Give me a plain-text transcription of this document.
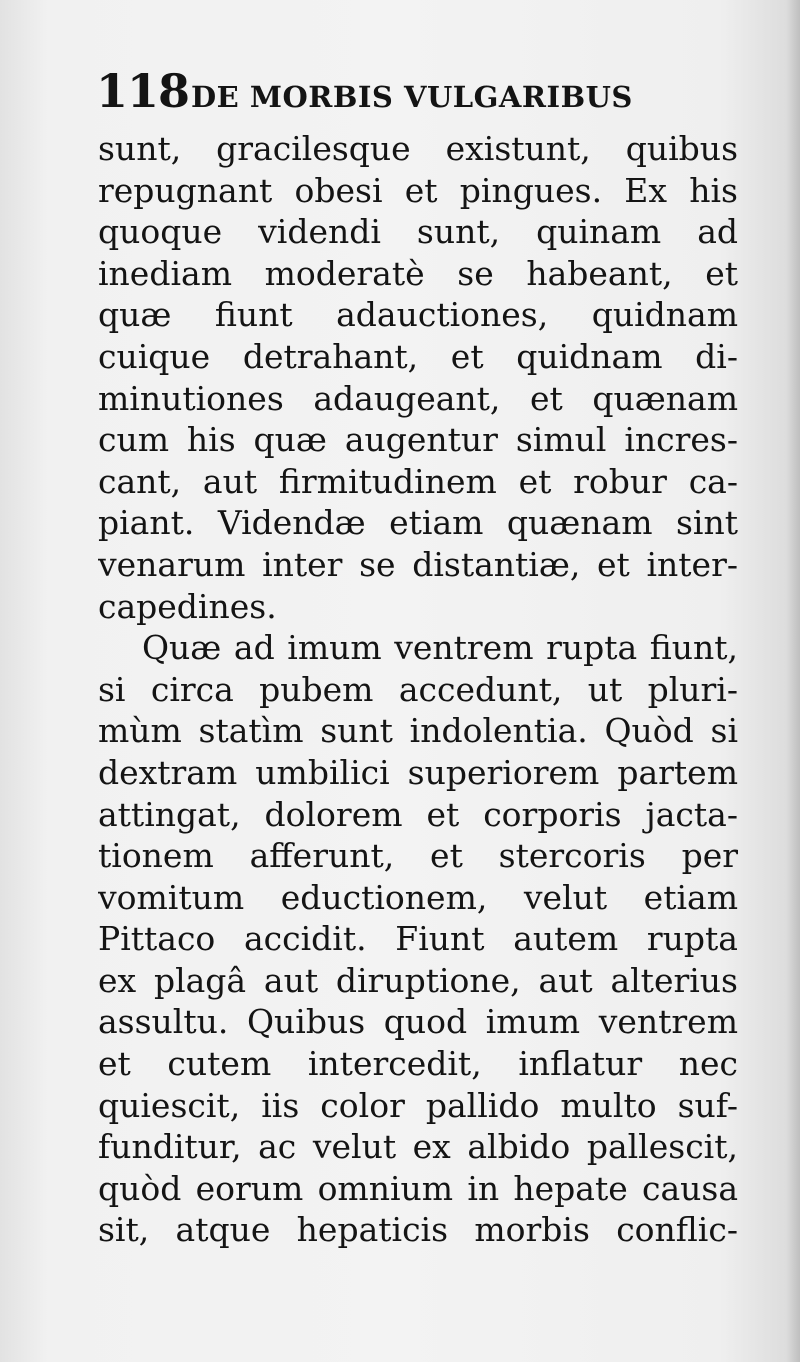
118DE MORBIS VULGARIBUS
sunt, gracilesque existunt, quibus
repugnant obesi et pingues. Ex his
quoque videndi sunt, quinam ad
inediam moderatè se habeant, et
quæ fiunt adauctiones, quidnam
cuique detrahant, et quidnam di-
minutiones adaugeant, et quænam
cum his quæ augentur simul incres-
cant, aut firmitudinem et robur ca-
piant. Videndæ etiam quænam sint
venarum inter se distantiæ, et inter-
capedines.
Quæ ad imum ventrem rupta fiunt,
si circa pubem accedunt, ut pluri-
mùm statìm sunt indolentia. Quòd si
dextram umbilici superiorem partem
attingat, dolorem et corporis jacta-
tionem afferunt, et stercoris per
vomitum eductionem, velut etiam
Pittaco accidit. Fiunt autem rupta
ex plagâ aut diruptione, aut alterius
assultu. Quibus quod imum ventrem
et cutem intercedit, inflatur nec
quiescit, iis color pallido multo suf-
funditur, ac velut ex albido pallescit,
quòd eorum omnium in hepate causa
sit, atque hepaticis morbis conflic-
